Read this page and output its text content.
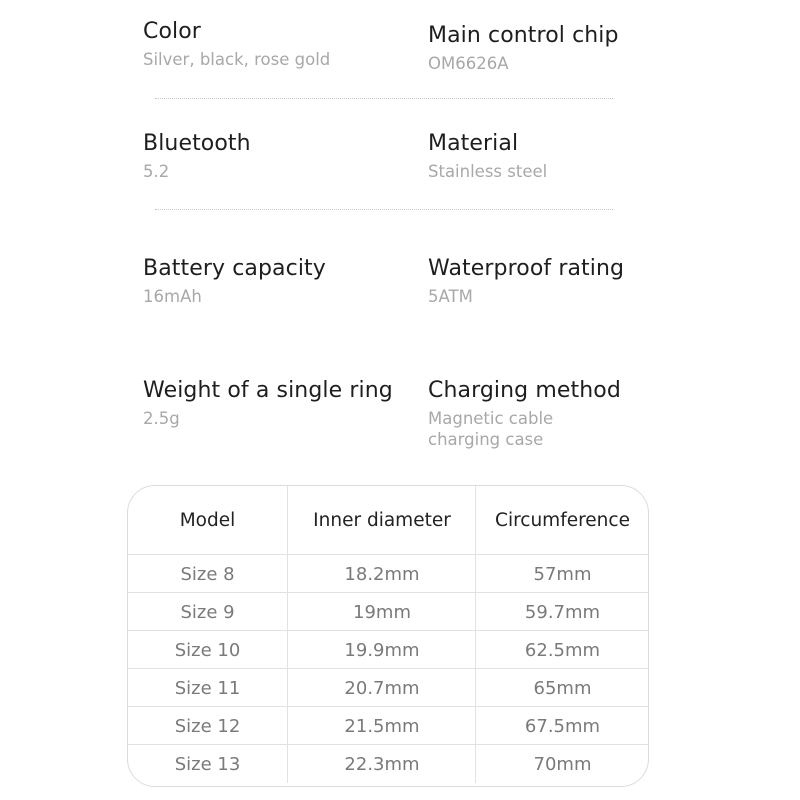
Color
Silver, black, rose gold
Main control chip
OM6626A
Bluetooth
5.2
Material
Stainless steel
Battery capacity
16mAh
Waterproof rating
5ATM
Weight of a single ring
2.5g
Charging method
Magnetic cable charging case
Model	Inner diameter	Circumference
Size 8	18.2mm	57mm
Size 9	19mm	59.7mm
Size 10	19.9mm	62.5mm
Size 11	20.7mm	65mm
Size 12	21.5mm	67.5mm
Size 13	22.3mm	70mm
